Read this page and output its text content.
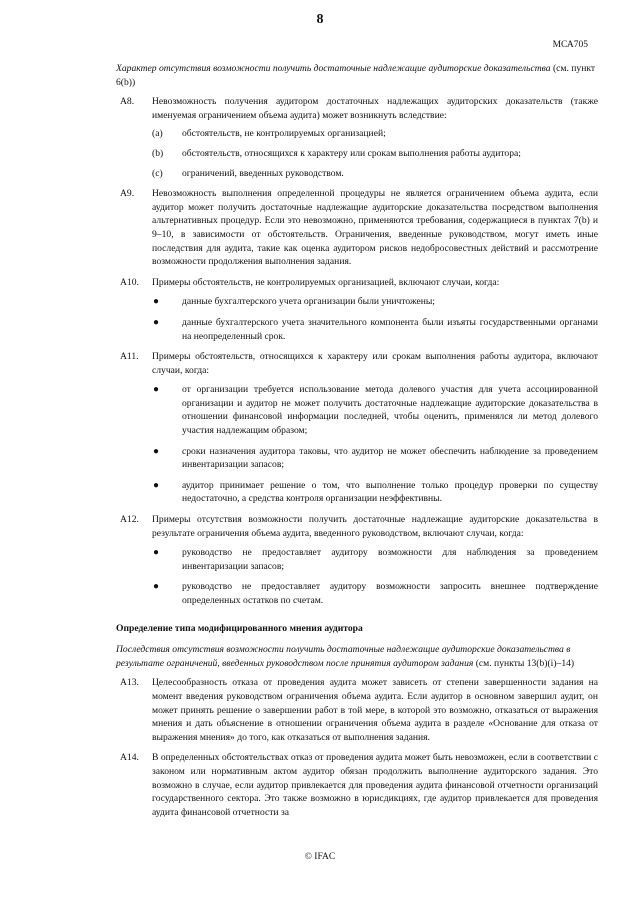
8
МСА705

Характер отсутствия возможности получить достаточные надлежащие аудиторские доказательства (см. пункт 6(b))

А8. Невозможность получения аудитором достаточных надлежащих аудиторских доказательств (также именуемая ограничением объема аудита) может возникнуть вследствие:
(a) обстоятельств, не контролируемых организацией;
(b) обстоятельств, относящихся к характеру или срокам выполнения работы аудитора;
(c) ограничений, введенных руководством.
А9. Невозможность выполнения определенной процедуры не является ограничением объема аудита, если аудитор может получить достаточные надлежащие аудиторские доказательства посредством выполнения альтернативных процедур. Если это невозможно, применяются требования, содержащиеся в пунктах 7(b) и 9–10, в зависимости от обстоятельств. Ограничения, введенные руководством, могут иметь иные последствия для аудита, такие как оценка аудитором рисков недобросовестных действий и рассмотрение возможности продолжения выполнения задания.
А10. Примеры обстоятельств, не контролируемых организацией, включают случаи, когда:
● данные бухгалтерского учета организации были уничтожены;
● данные бухгалтерского учета значительного компонента были изъяты государственными органами на неопределенный срок.
А11. Примеры обстоятельств, относящихся к характеру или срокам выполнения работы аудитора, включают случаи, когда:
● от организации требуется использование метода долевого участия для учета ассоциированной организации и аудитор не может получить достаточные надлежащие аудиторские доказательства в отношении финансовой информации последней, чтобы оценить, применялся ли метод долевого участия надлежащим образом;
● сроки назначения аудитора таковы, что аудитор не может обеспечить наблюдение за проведением инвентаризации запасов;
● аудитор принимает решение о том, что выполнение только процедур проверки по существу недостаточно, а средства контроля организации неэффективны.
А12. Примеры отсутствия возможности получить достаточные надлежащие аудиторские доказательства в результате ограничения объема аудита, введенного руководством, включают случаи, когда:
● руководство не предоставляет аудитору возможности для наблюдения за проведением инвентаризации запасов;
● руководство не предоставляет аудитору возможности запросить внешнее подтверждение определенных остатков по счетам.

Определение типа модифицированного мнения аудитора

Последствия отсутствия возможности получить достаточные надлежащие аудиторские доказательства в результате ограничений, введенных руководством после принятия аудитором задания (см. пункты 13(b)(i)–14)

А13. Целесообразность отказа от проведения аудита может зависеть от степени завершенности задания на момент введения руководством ограничения объема аудита. Если аудитор в основном завершил аудит, он может принять решение о завершении работ в той мере, в которой это возможно, отказаться от выражения мнения и дать объяснение в отношении ограничения объема аудита в разделе «Основание для отказа от выражения мнения» до того, как отказаться от выполнения задания.
А14. В определенных обстоятельствах отказ от проведения аудита может быть невозможен, если в соответствии с законом или нормативным актом аудитор обязан продолжить выполнение аудиторского задания. Это возможно в случае, если аудитор привлекается для проведения аудита финансовой отчетности организаций государственного сектора. Это также возможно в юрисдикциях, где аудитор привлекается для проведения аудита финансовой отчетности за
© IFAC
